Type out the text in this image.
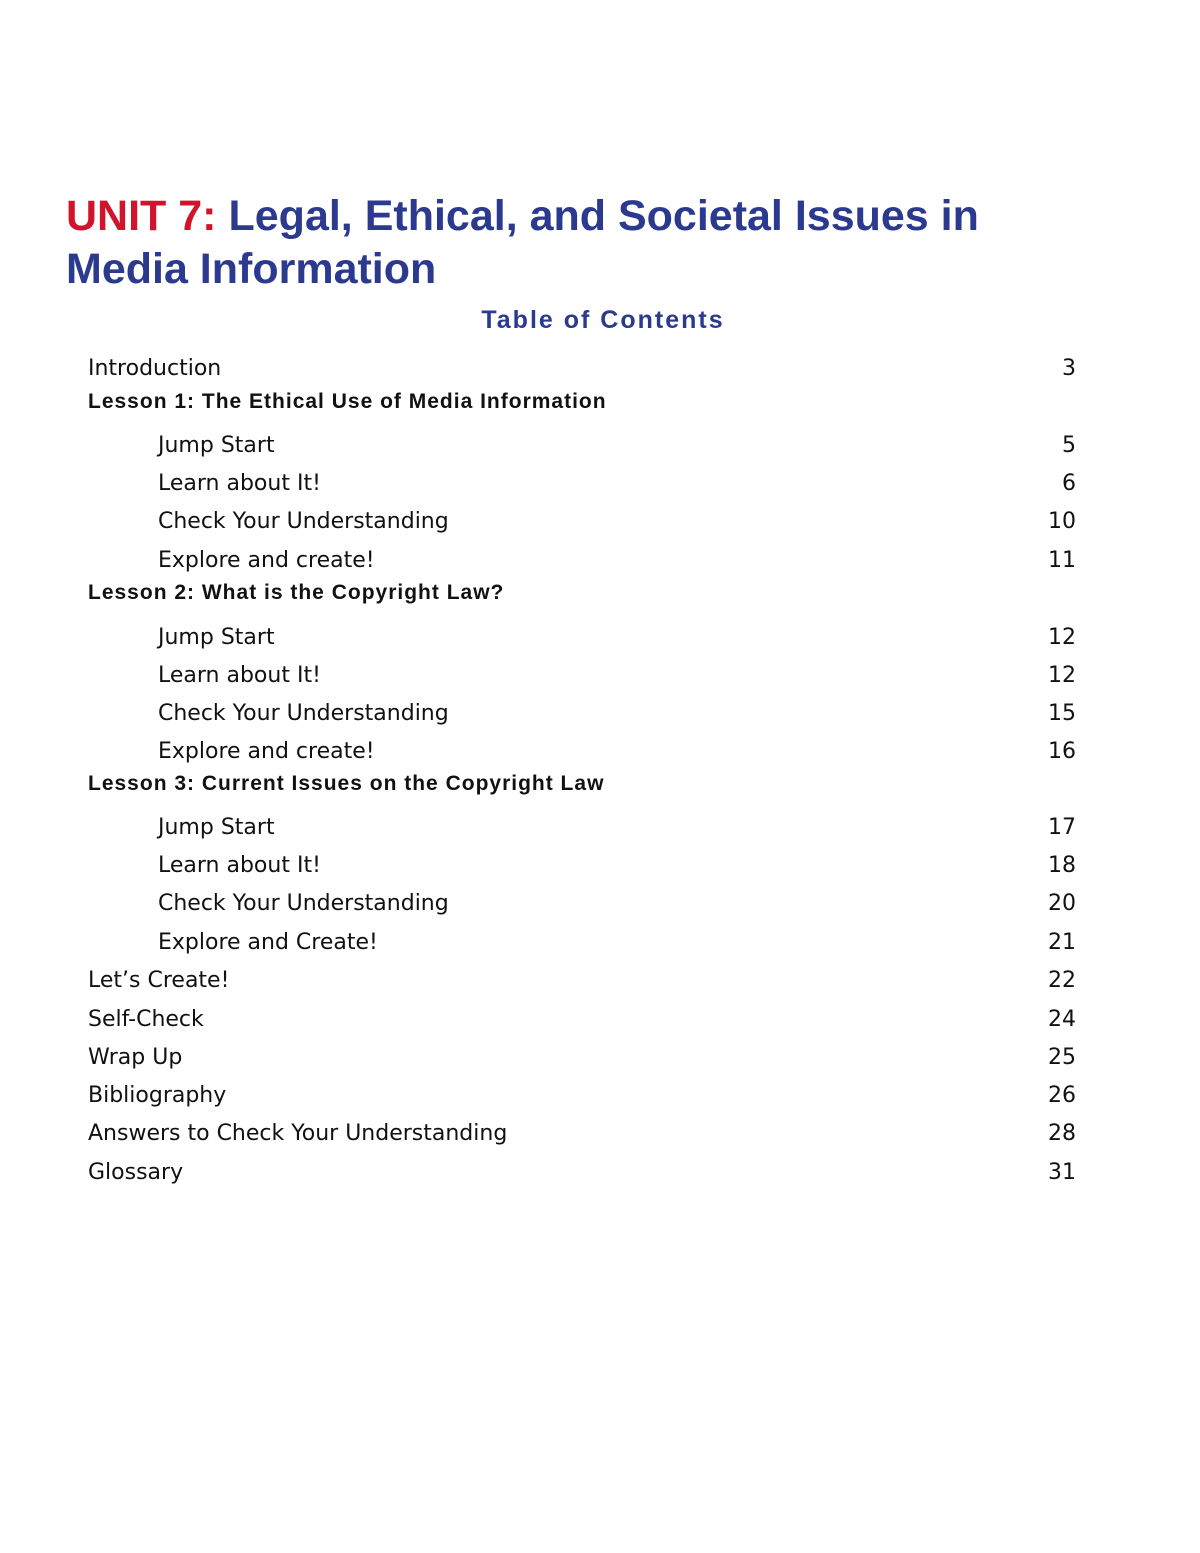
UNIT 7: Legal, Ethical, and Societal Issues in Media Information
Table of Contents
Introduction	3
Lesson 1: The Ethical Use of Media Information
Jump Start	5
Learn about It!	6
Check Your Understanding	10
Explore and create!	11
Lesson 2: What is the Copyright Law?
Jump Start	12
Learn about It!	12
Check Your Understanding	15
Explore and create!	16
Lesson 3: Current Issues on the Copyright Law
Jump Start	17
Learn about It!	18
Check Your Understanding	20
Explore and Create!	21
Let’s Create!	22
Self-Check	24
Wrap Up	25
Bibliography	26
Answers to Check Your Understanding	28
Glossary	31
